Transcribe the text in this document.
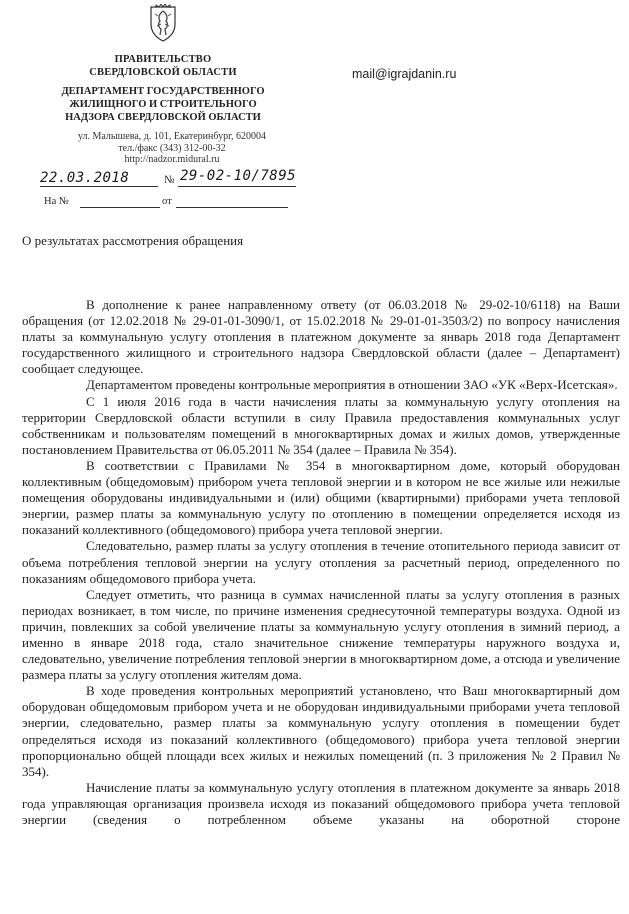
ПРАВИТЕЛЬСТВО
СВЕРДЛОВСКОЙ ОБЛАСТИ
ДЕПАРТАМЕНТ ГОСУДАРСТВЕННОГО
ЖИЛИЩНОГО И СТРОИТЕЛЬНОГО
НАДЗОРА СВЕРДЛОВСКОЙ ОБЛАСТИ
ул. Малышева, д. 101, Екатеринбург, 620004
тел./факс (343) 312-00-32
http://nadzor.midural.ru
mail@igrajdanin.ru
22.03.2018	№ 29-02-10/7895
На №	от
О результатах рассмотрения обращения

В дополнение к ранее направленному ответу (от 06.03.2018 № 29-02-10/6118) на Ваши обращения (от 12.02.2018 № 29-01-01-3090/1, от 15.02.2018 № 29-01-01-3503/2) по вопросу начисления платы за коммунальную услугу отопления в платежном документе за январь 2018 года Департамент государственного жилищного и строительного надзора Свердловской области (далее – Департамент) сообщает следующее.

Департаментом проведены контрольные мероприятия в отношении ЗАО «УК «Верх-Исетская».

С 1 июля 2016 года в части начисления платы за коммунальную услугу отопления на территории Свердловской области вступили в силу Правила предоставления коммунальных услуг собственникам и пользователям помещений в многоквартирных домах и жилых домов, утвержденные постановлением Правительства от 06.05.2011 № 354 (далее – Правила № 354).

В соответствии с Правилами № 354 в многоквартирном доме, который оборудован коллективным (общедомовым) прибором учета тепловой энергии и в котором не все жилые или нежилые помещения оборудованы индивидуальными и (или) общими (квартирными) приборами учета тепловой энергии, размер платы за коммунальную услугу по отоплению в помещении определяется исходя из показаний коллективного (общедомового) прибора учета тепловой энергии.

Следовательно, размер платы за услугу отопления в течение отопительного периода зависит от объема потребления тепловой энергии на услугу отопления за расчетный период, определенного по показаниям общедомового прибора учета.

Следует отметить, что разница в суммах начисленной платы за услугу отопления в разных периодах возникает, в том числе, по причине изменения среднесуточной температуры воздуха. Одной из причин, повлекших за собой увеличение платы за коммунальную услугу отопления в зимний период, а именно в январе 2018 года, стало значительное снижение температуры наружного воздуха и, следовательно, увеличение потребления тепловой энергии в многоквартирном доме, а отсюда и увеличение размера платы за услугу отопления жителям дома.

В ходе проведения контрольных мероприятий установлено, что Ваш многоквартирный дом оборудован общедомовым прибором учета и не оборудован индивидуальными приборами учета тепловой энергии, следовательно, размер платы за коммунальную услугу отопления в помещении будет определяться исходя из показаний коллективного (общедомового) прибора учета тепловой энергии пропорционально общей площади всех жилых и нежилых помещений (п. 3 приложения № 2 Правил № 354).

Начисление платы за коммунальную услугу отопления в платежном документе за январь 2018 года управляющая организация произвела исходя из показаний общедомового прибора учета тепловой энергии (сведения о потребленном объеме указаны на оборотной стороне
